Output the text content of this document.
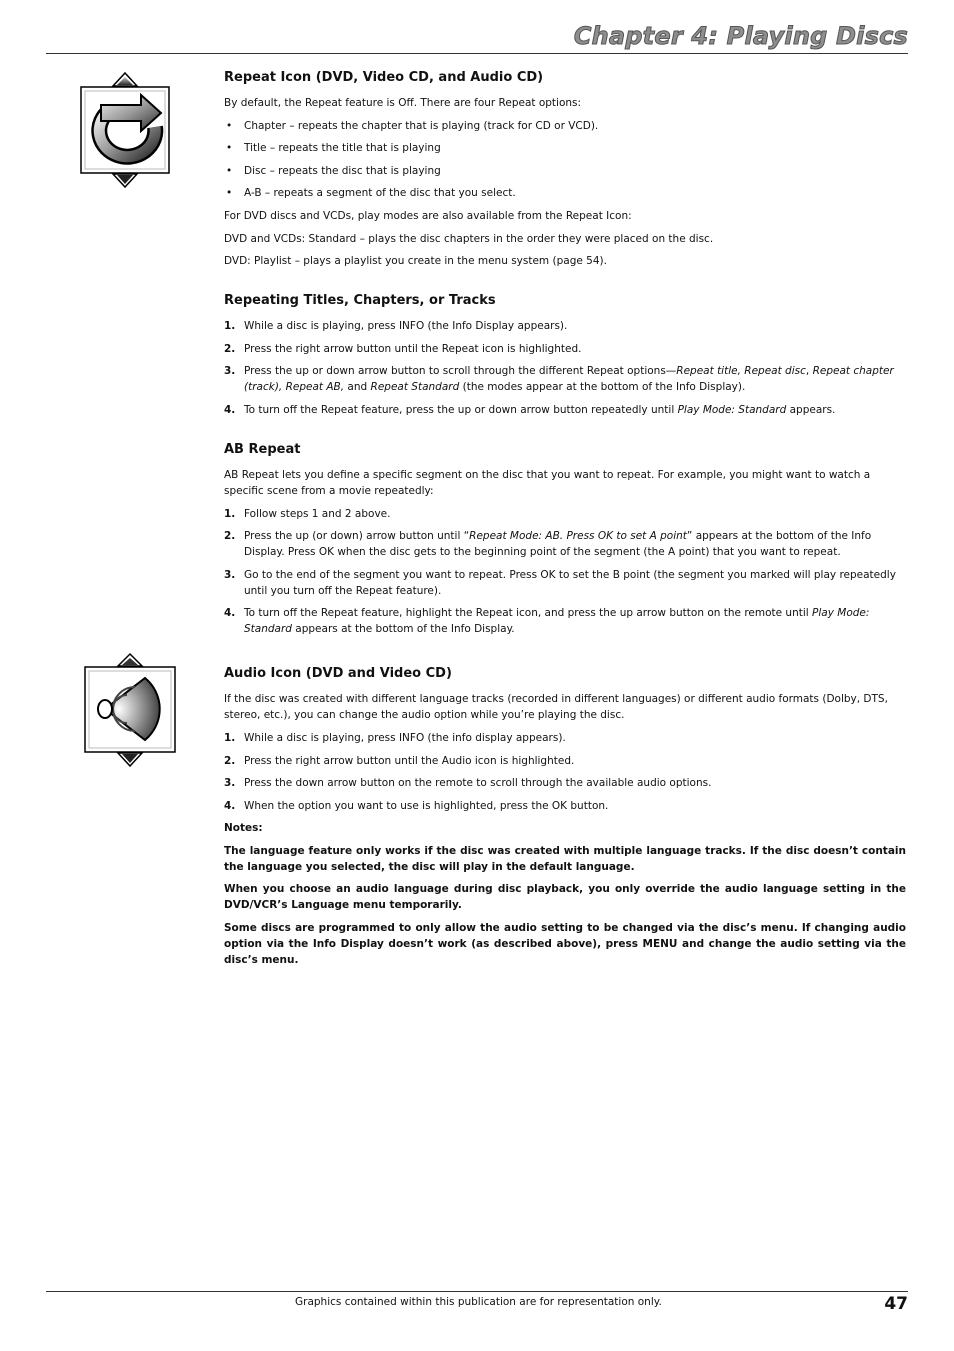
Chapter 4: Playing Discs
Repeat Icon (DVD, Video CD, and Audio CD)

By default, the Repeat feature is Off. There are four Repeat options:

• Chapter – repeats the chapter that is playing (track for CD or VCD).

• Title – repeats the title that is playing

• Disc – repeats the disc that is playing

• A-B – repeats a segment of the disc that you select.

For DVD discs and VCDs, play modes are also available from the Repeat Icon:

DVD and VCDs: Standard – plays the disc chapters in the order they were placed on the disc.

DVD: Playlist – plays a playlist you create in the menu system (page 54).

Repeating Titles, Chapters, or Tracks

1. While a disc is playing, press INFO (the Info Display appears).

2. Press the right arrow button until the Repeat icon is highlighted.

3. Press the up or down arrow button to scroll through the different Repeat options—Repeat title, Repeat disc, Repeat chapter (track), Repeat AB, and Repeat Standard (the modes appear at the bottom of the Info Display).

4. To turn off the Repeat feature, press the up or down arrow button repeatedly until Play Mode: Standard appears.

AB Repeat

AB Repeat lets you define a specific segment on the disc that you want to repeat. For example, you might want to watch a specific scene from a movie repeatedly:

1. Follow steps 1 and 2 above.

2. Press the up (or down) arrow button until “Repeat Mode: AB. Press OK to set A point” appears at the bottom of the Info Display. Press OK when the disc gets to the beginning point of the segment (the A point) that you want to repeat.

3. Go to the end of the segment you want to repeat. Press OK to set the B point (the segment you marked will play repeatedly until you turn off the Repeat feature).

4. To turn off the Repeat feature, highlight the Repeat icon, and press the up arrow button on the remote until Play Mode: Standard appears at the bottom of the Info Display.

Audio Icon (DVD and Video CD)

If the disc was created with different language tracks (recorded in different languages) or different audio formats (Dolby, DTS, stereo, etc.), you can change the audio option while you’re playing the disc.

1. While a disc is playing, press INFO (the info display appears).

2. Press the right arrow button until the Audio icon is highlighted.

3. Press the down arrow button on the remote to scroll through the available audio options.

4. When the option you want to use is highlighted, press the OK button.

Notes:

The language feature only works if the disc was created with multiple language tracks. If the disc doesn’t contain the language you selected, the disc will play in the default language.

When you choose an audio language during disc playback, you only override the audio language setting in the DVD/VCR’s Language menu temporarily.

Some discs are programmed to only allow the audio setting to be changed via the disc’s menu. If changing audio option via the Info Display doesn’t work (as described above), press MENU and change the audio setting via the disc’s menu.

Graphics contained within this publication are for representation only.	47
